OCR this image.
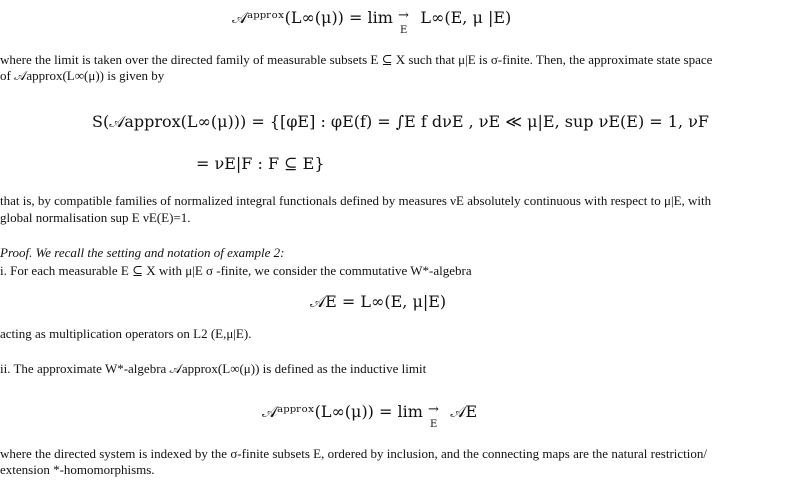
𝒜ᵃᵖᵖʳᵒˣ(L∞(μ)) = lim → E L∞(E, μ |E)
where the limit is taken over the directed family of measurable subsets E ⊆ X such that μ|E is σ-finite. Then, the approximate state space
of 𝒜approx(L∞(μ)) is given by
S(𝒜approx(L∞(μ))) = {[φE] : φE(f) = ∫E f dνE , νE ≪ μ|E, sup νE(E) = 1, νF
= νE|F : F ⊆ E}
that is, by compatible families of normalized integral functionals defined by measures νE absolutely continuous with respect to μ|E, with
global normalisation sup E νE(E)=1.
Proof. We recall the setting and notation of example 2:
i. For each measurable E ⊆ X with μ|E σ -finite, we consider the commutative W*-algebra
𝒜E = L∞(E, μ|E)
acting as multiplication operators on L2 (E,μ|E).
ii. The approximate W*-algebra 𝒜approx(L∞(μ)) is defined as the inductive limit
𝒜ᵃᵖᵖʳᵒˣ(L∞(μ)) = lim → E 𝒜E
where the directed system is indexed by the σ-finite subsets E, ordered by inclusion, and the connecting maps are the natural restriction/
extension *-homomorphisms.
